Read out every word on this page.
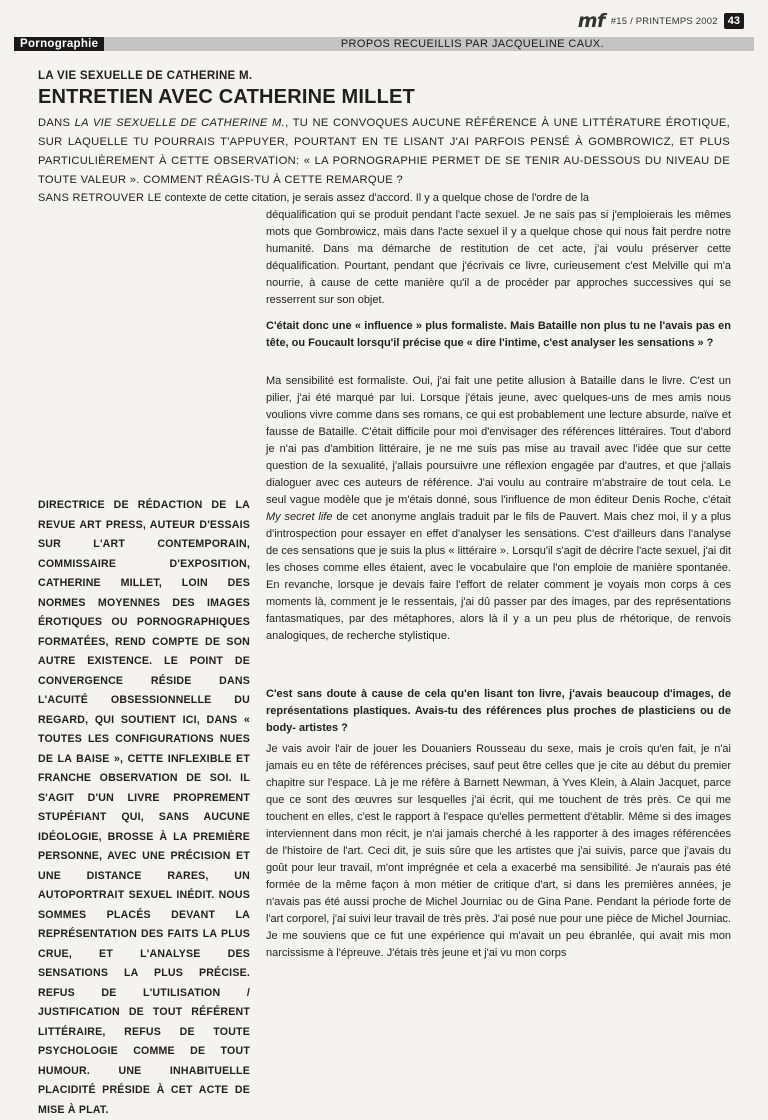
mf #15 / PRINTEMPS 2002 43
Pornographie	PROPOS RECUEILLIS PAR JACQUELINE CAUX.
LA VIE SEXUELLE DE CATHERINE M.
ENTRETIEN AVEC CATHERINE MILLET

DANS LA VIE SEXUELLE DE CATHERINE M., TU NE CONVOQUES AUCUNE RÉFÉRENCE À UNE LITTÉRATURE ÉROTIQUE, SUR LAQUELLE TU POURRAIS T'APPUYER, POURTANT EN TE LISANT J'AI PARFOIS PENSÉ À GOMBROWICZ, ET PLUS PARTICULIÈREMENT À CETTE OBSERVATION: « LA PORNOGRAPHIE PERMET DE SE TENIR AU-DESSOUS DU NIVEAU DE TOUTE VALEUR ». COMMENT RÉAGIS-TU À CETTE REMARQUE ?

SANS RETROUVER LE contexte de cette citation, je serais assez d'accord. Il y a quelque chose de l'ordre de la

déqualification qui se produit pendant l'acte sexuel. Je ne sais pas si j'emploierais les mêmes mots que Gombrowicz, mais dans l'acte sexuel il y a quelque chose qui nous fait perdre notre humanité. Dans ma démarche de restitution de cet acte, j'ai voulu préserver cette déqualification. Pourtant, pendant que j'écrivais ce livre, curieusement c'est Melville qui m'a nourrie, à cause de cette manière qu'il a de procéder par approches successives qui se resserrent sur son objet.

C'était donc une « influence » plus formaliste. Mais Bataille non plus tu ne l'avais pas en tête, ou Foucault lorsqu'il précise que « dire l'intime, c'est analyser les sensations » ?

Ma sensibilité est formaliste. Oui, j'ai fait une petite allusion à Bataille dans le livre. C'est un pilier, j'ai été marqué par lui. Lorsque j'étais jeune, avec quelques-uns de mes amis nous voulions vivre comme dans ses romans, ce qui est probablement une lecture absurde, naïve et fausse de Bataille. C'était difficile pour moi d'envisager des références littéraires. Tout d'abord je n'ai pas d'ambition littéraire, je ne me suis pas mise au travail avec l'idée que sur cette question de la sexualité, j'allais poursuivre une réflexion engagée par d'autres, et que j'allais dialoguer avec ces auteurs de référence. J'ai voulu au contraire m'abstraire de tout cela. Le seul vague modèle que je m'étais donné, sous l'influence de mon éditeur Denis Roche, c'était My secret life de cet anonyme anglais traduit par le fils de Pauvert. Mais chez moi, il y a plus d'introspection pour essayer en effet d'analyser les sensations. C'est d'ailleurs dans l'analyse de ces sensations que je suis la plus « littéraire ». Lorsqu'il s'agit de décrire l'acte sexuel, j'ai dit les choses comme elles étaient, avec le vocabulaire que l'on emploie de manière spontanée. En revanche, lorsque je devais faire l'effort de relater comment je voyais mon corps à ces moments là, comment je le ressentais, j'ai dû passer par des images, par des représentations fantasmatiques, par des métaphores, alors là il y a un peu plus de rhétorique, de renvois analogiques, de recherche stylistique.

C'est sans doute à cause de cela qu'en lisant ton livre, j'avais beaucoup d'images, de représentations plastiques. Avais-tu des références plus proches de plasticiens ou de body- artistes ?

Je vais avoir l'air de jouer les Douaniers Rousseau du sexe, mais je crois qu'en fait, je n'ai jamais eu en tête de références précises, sauf peut être celles que je cite au début du premier chapitre sur l'espace. Là je me réfère à Barnett Newman, à Yves Klein, à Alain Jacquet, parce que ce sont des œuvres sur lesquelles j'ai écrit, qui me touchent de très près. Ce qui me touchent en elles, c'est le rapport à l'espace qu'elles permettent d'établir. Même si des images interviennent dans mon récit, je n'ai jamais cherché à les rapporter à des images référencées de l'histoire de l'art. Ceci dit, je suis sûre que les artistes que j'ai suivis, parce que j'avais du goût pour leur travail, m'ont imprégnée et cela a exacerbé ma sensibilité. Je n'aurais pas été formée de la même façon à mon métier de critique d'art, si dans les premières années, je n'avais pas été aussi proche de Michel Journiac ou de Gina Pane. Pendant la période forte de l'art corporel, j'ai suivi leur travail de très près. J'ai posé nue pour une pièce de Michel Journiac. Je me souviens que ce fut une expérience qui m'avait un peu ébranlée, qui avait mis mon narcissisme à l'épreuve. J'étais très jeune et j'ai vu mon corps

DIRECTRICE DE RÉDACTION DE LA REVUE ART PRESS, AUTEUR D'ESSAIS SUR L'ART CONTEMPORAIN, COMMISSAIRE D'EXPOSITION, CATHERINE MILLET, LOIN DES NORMES MOYENNES DES IMAGES ÉROTIQUES OU PORNOGRAPHIQUES FORMATÉES, REND COMPTE DE SON AUTRE EXISTENCE. LE POINT DE CONVERGENCE RÉSIDE DANS L'ACUITÉ OBSESSIONNELLE DU REGARD, QUI SOUTIENT ICI, DANS « TOUTES LES CONFIGURATIONS NUES DE LA BAISE », CETTE INFLEXIBLE ET FRANCHE OBSERVATION DE SOI. IL S'AGIT D'UN LIVRE PROPREMENT STUPÉFIANT QUI, SANS AUCUNE IDÉOLOGIE, BROSSE À LA PREMIÈRE PERSONNE, AVEC UNE PRÉCISION ET UNE DISTANCE RARES, UN AUTOPORTRAIT SEXUEL INÉDIT. NOUS SOMMES PLACÉS DEVANT LA REPRÉSENTATION DES FAITS LA PLUS CRUE, ET L'ANALYSE DES SENSATIONS LA PLUS PRÉCISE. REFUS DE L'UTILISATION / JUSTIFICATION DE TOUT RÉFÉRENT LITTÉRAIRE, REFUS DE TOUTE PSYCHOLOGIE COMME DE TOUT HUMOUR. UNE INHABITUELLE PLACIDITÉ PRÉSIDE À CET ACTE DE MISE À PLAT.
